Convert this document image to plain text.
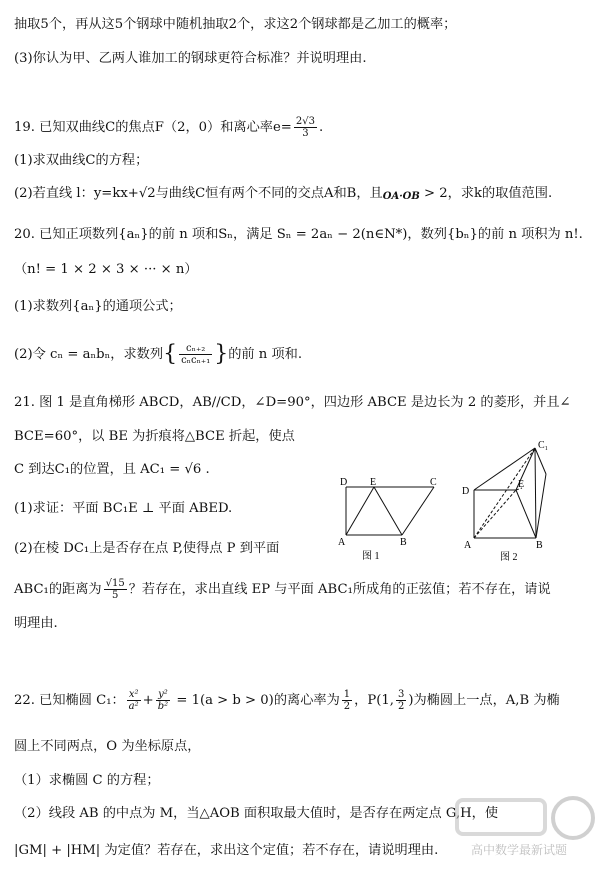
抽取5个，再从这5个钢球中随机抽取2个，求这2个钢球都是乙加工的概率；
(3)你认为甲、乙两人谁加工的钢球更符合标准？并说明理由.
19. 已知双曲线C的焦点F（2，0）和离心率$e= \frac{2√3}{3}$ .
(1)求双曲线C的方程；
(2)若直线 l：y=kx+√2与曲线C恒有两个不同的交点A和B，且OA·OB > 2，求k的取值范围.
20. 已知正项数列{aₙ}的前 n 项和Sₙ，满足 Sₙ = 2aₙ − 2(n∈N*)，数列{bₙ}的前 n 项积为 n!.
（n! = 1 × 2 × 3 × ··· × n）
(1)求数列{aₙ}的通项公式；
(2)令 cₙ = aₙbₙ，求数列{ $\frac{\text{cₙ₊₂}}{\text{cₙcₙ₊₁}}$ }的前 n 项和.
21. 图 1 是直角梯形 ABCD，AB//CD，∠D=90°，四边形 ABCE 是边长为 2 的菱形，并且∠
BCE=60°，以 BE 为折痕将△BCE 折起，使点
C 到达C₁的位置，且 AC₁ = √6 .
(1)求证：平面 BC₁E ⊥ 平面 ABED.
(2)在棱 DC₁上是否存在点 P,使得点 P 到平面
ABC₁的距离为 $\frac{√15}{5}$ ？若存在，求出直线 EP 与平面 ABC₁所成角的正弦值；若不存在，请说
明理由.
D E	C
A	B
图 1
C₁
D
E
A	B
图 2
22. 已知椭圆 C₁： $\frac{\text{x²}}{\text{a²}} + \frac{\text{y²}}{\text{b²}} = 1(a > b > 0)$的离心率为 $\frac{1}{2}$ ，P(1, $\frac{3}{2}$ )为椭圆上一点，A,B 为椭
圆上不同两点，O 为坐标原点，
（1）求椭圆 C 的方程；
（2）线段 AB 的中点为 M，当△AOB 面积取最大值时，是否存在两定点 G,H，使
|GM| + |HM| 为定值？若存在，求出这个定值；若不存在，请说明理由.	高中数学最新试题
